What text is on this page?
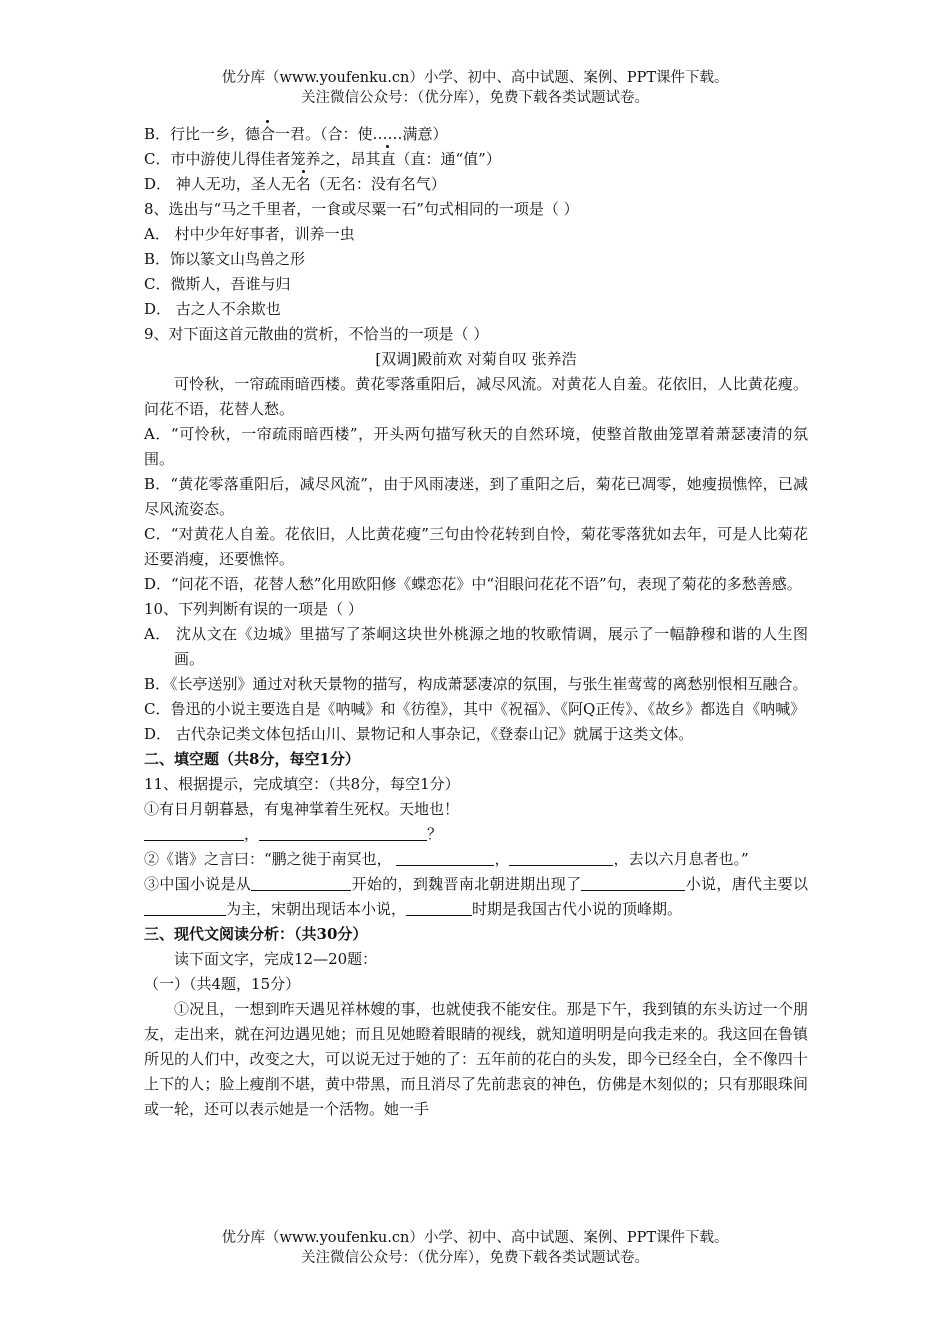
优分库（www.youfenku.cn）小学、初中、高中试题、案例、PPT课件下载。
关注微信公众号：（优分库），免费下载各类试题试卷。
B．行比一乡，德合一君。（合：使……满意）
C．市中游使儿得佳者笼养之，昂其直（直：通“值”）
D． 神人无功，圣人无名（无名：没有名气）
8、选出与“马之千里者，一食或尽粟一石”句式相同的一项是（ ）
A． 村中少年好事者，训养一虫
B．饰以篆文山鸟兽之形
C．微斯人，吾谁与归
D． 古之人不余欺也
9、对下面这首元散曲的赏析，不恰当的一项是（ ）
[双调]殿前欢 对菊自叹 张养浩
可怜秋，一帘疏雨暗西楼。黄花零落重阳后，减尽风流。对黄花人自羞。花依旧，人比黄花瘦。问花不语，花替人愁。
A．“可怜秋，一帘疏雨暗西楼”，开头两句描写秋天的自然环境，使整首散曲笼罩着萧瑟凄清的氛围。
B．“黄花零落重阳后，减尽风流”，由于风雨凄迷，到了重阳之后，菊花已凋零，她瘦损憔悴，已减尽风流姿态。
C．“对黄花人自羞。花依旧，人比黄花瘦”三句由怜花转到自怜，菊花零落犹如去年，可是人比菊花还要消瘦，还要憔悴。
D．“问花不语，花替人愁”化用欧阳修《蝶恋花》中“泪眼问花花不语”句，表现了菊花的多愁善感。
10、下列判断有误的一项是（ ）
A． 沈从文在《边城》里描写了茶峒这块世外桃源之地的牧歌情调，展示了一幅静穆和谐的人生图画。
B．《长亭送别》通过对秋天景物的描写，构成萧瑟凄凉的氛围，与张生崔莺莺的离愁别恨相互融合。
C．鲁迅的小说主要选自是《呐喊》和《彷徨》，其中《祝福》、《阿Q正传》、《故乡》都选自《呐喊》
D． 古代杂记类文体包括山川、景物记和人事杂记，《登泰山记》就属于这类文体。
二、填空题（共8分，每空1分）
11、根据提示，完成填空：（共8分，每空1分）
①有日月朝暮悬，有鬼神掌着生死权。天地也！
，	？
②《谐》之言曰：“鹏之徙于南冥也，	，	，去以六月息者也。”
③中国小说是从	开始的，到魏晋南北朝进期出现了	小说，唐代主要以为主，宋朝出现话本小说，	时期是我国古代小说的顶峰期。
三、现代文阅读分析：（共30分）
读下面文字，完成12—20题：
（一）（共4题，15分）
①况且，一想到昨天遇见祥林嫂的事，也就使我不能安住。那是下午，我到镇的东头访过一个朋友，走出来，就在河边遇见她；而且见她瞪着眼睛的视线，就知道明明是向我走来的。我这回在鲁镇所见的人们中，改变之大，可以说无过于她的了：五年前的花白的头发，即今已经全白，全不像四十上下的人；脸上瘦削不堪，黄中带黑，而且消尽了先前悲哀的神色，仿佛是木刻似的；只有那眼珠间或一轮，还可以表示她是一个活物。她一手
优分库（www.youfenku.cn）小学、初中、高中试题、案例、PPT课件下载。
关注微信公众号：（优分库），免费下载各类试题试卷。
